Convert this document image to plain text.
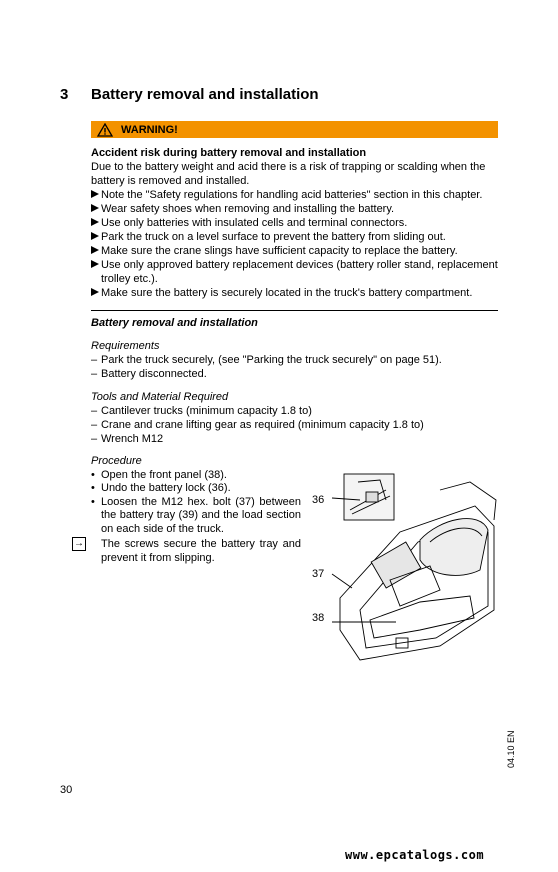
3 Battery removal and installation
WARNING!
Accident risk during battery removal and installation
Due to the battery weight and acid there is a risk of trapping or scalding when the battery is removed and installed.
Note the "Safety regulations for handling acid batteries" section in this chapter.
Wear safety shoes when removing and installing the battery.
Use only batteries with insulated cells and terminal connectors.
Park the truck on a level surface to prevent the battery from sliding out.
Make sure the crane slings have sufficient capacity to replace the battery.
Use only approved battery replacement devices (battery roller stand, replacement trolley etc.).
Make sure the battery is securely located in the truck's battery compartment.
Battery removal and installation
Requirements
– Park the truck securely, (see "Parking the truck securely" on page 51).
– Battery disconnected.
Tools and Material Required
– Cantilever trucks (minimum capacity 1.8 to)
– Crane and crane lifting gear as required (minimum capacity 1.8 to)
– Wrench M12
Procedure
• Open the front panel (38).
• Undo the battery lock (36).
• Loosen the M12 hex. bolt (37) between the battery tray (39) and the load section on each side of the truck.
The screws secure the battery tray and prevent it from slipping.
→
36
37
38
04.10 EN
30
www.epcatalogs.com
